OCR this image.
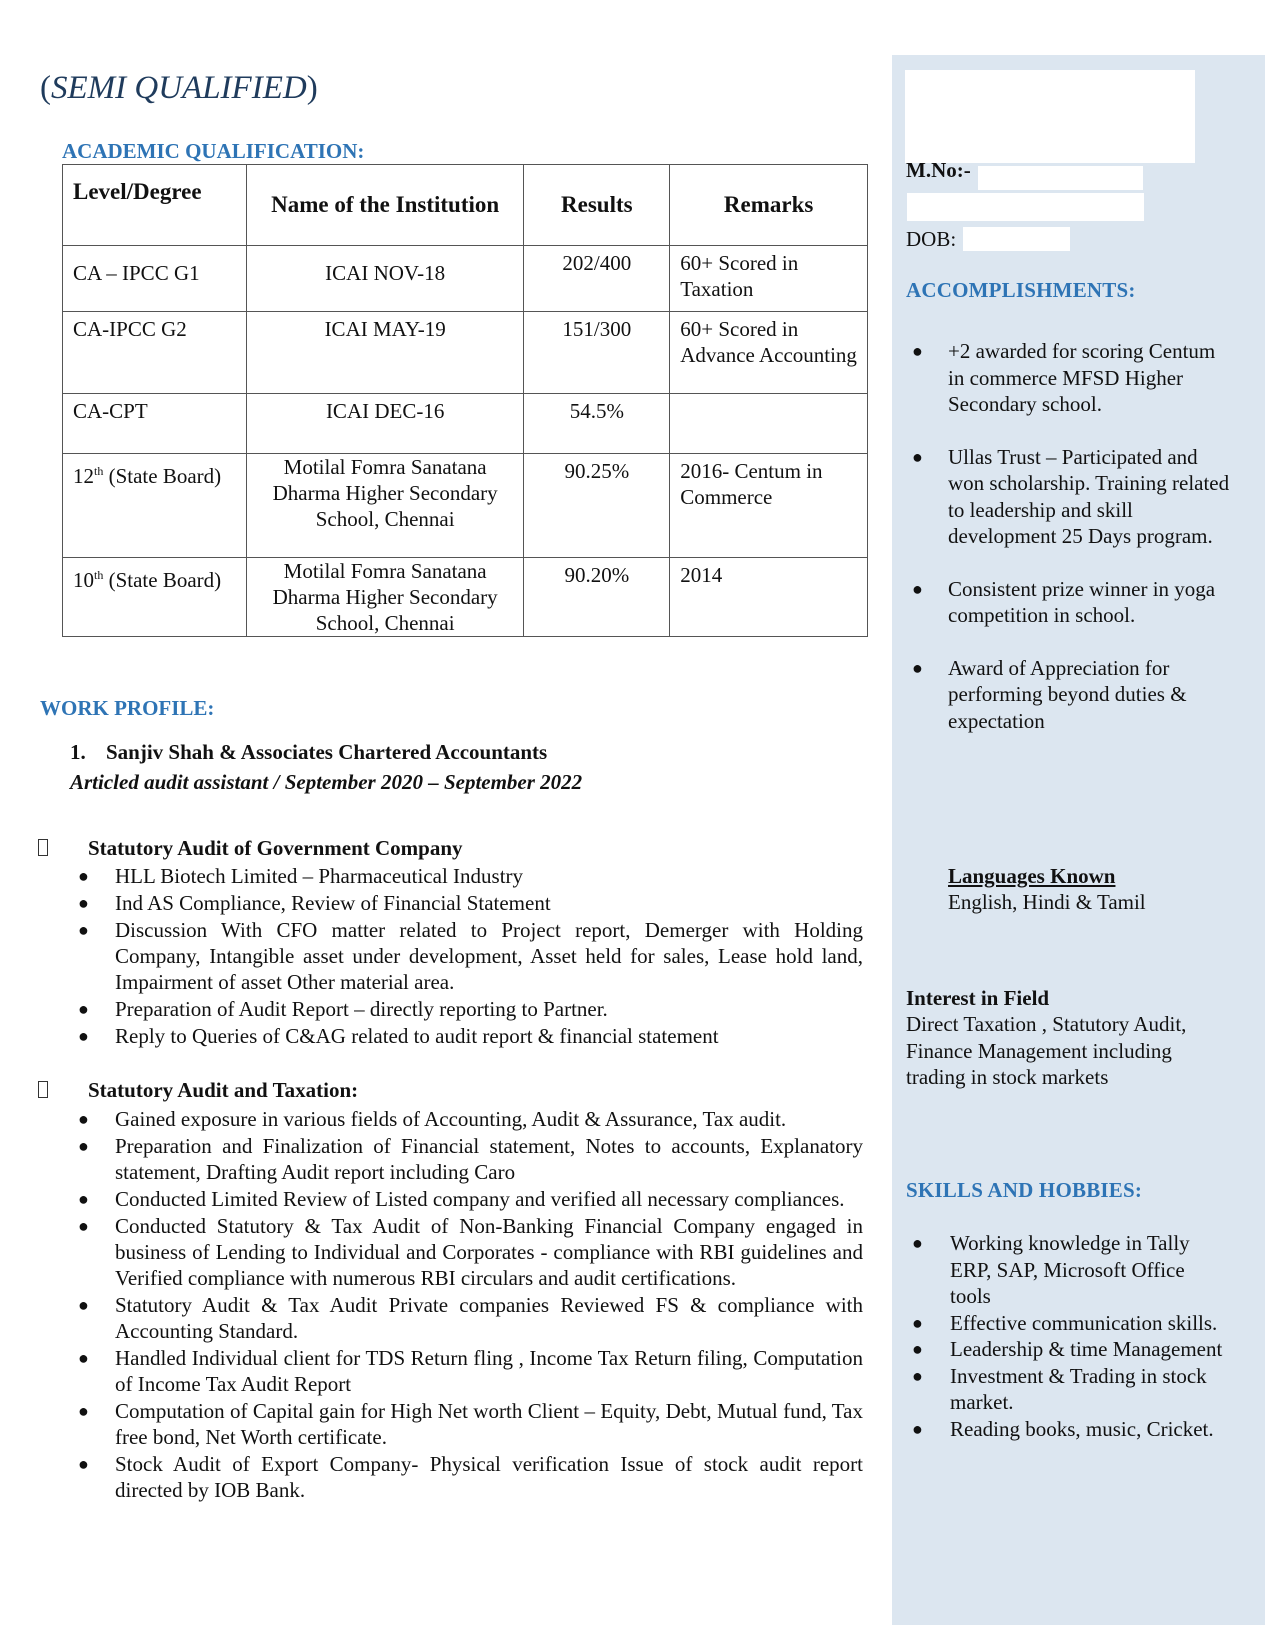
M.No:-
DOB:
ACCOMPLISHMENTS:
● +2 awarded for scoring Centum in commerce MFSD Higher Secondary school.
● Ullas Trust – Participated and won scholarship. Training related to leadership and skill development 25 Days program.
● Consistent prize winner in yoga competition in school.
● Award of Appreciation for performing beyond duties & expectation
Languages Known
English, Hindi & Tamil
Interest in Field
Direct Taxation , Statutory Audit, Finance Management including trading in stock markets
SKILLS AND HOBBIES:
● Working knowledge in Tally ERP, SAP, Microsoft Office tools
● Effective communication skills.
● Leadership & time Management
● Investment & Trading in stock market.
● Reading books, music, Cricket.
(SEMI QUALIFIED)
ACADEMIC QUALIFICATION:
Level/Degree	Name of the Institution	Results	Remarks
CA – IPCC G1	ICAI NOV-18	202/400	60+ Scored in Taxation
CA-IPCC G2	ICAI MAY-19	151/300	60+ Scored in Advance Accounting
CA-CPT	ICAI DEC-16	54.5%	
12th (State Board)	Motilal Fomra Sanatana Dharma Higher Secondary School, Chennai	90.25%	2016- Centum in Commerce
10th (State Board)	Motilal Fomra Sanatana Dharma Higher Secondary School, Chennai	90.20%	2014
WORK PROFILE:
1. Sanjiv Shah & Associates Chartered Accountants
Articled audit assistant / September 2020 – September 2022
Statutory Audit of Government Company
● HLL Biotech Limited – Pharmaceutical Industry
● Ind AS Compliance, Review of Financial Statement
● Discussion With CFO matter related to Project report, Demerger with Holding Company, Intangible asset under development, Asset held for sales, Lease hold land, Impairment of asset Other material area.
● Preparation of Audit Report – directly reporting to Partner.
● Reply to Queries of C&AG related to audit report & financial statement
Statutory Audit and Taxation:
● Gained exposure in various fields of Accounting, Audit & Assurance, Tax audit.
● Preparation and Finalization of Financial statement, Notes to accounts, Explanatory statement, Drafting Audit report including Caro
● Conducted Limited Review of Listed company and verified all necessary compliances.
● Conducted Statutory & Tax Audit of Non-Banking Financial Company engaged in business of Lending to Individual and Corporates - compliance with RBI guidelines and Verified compliance with numerous RBI circulars and audit certifications.
● Statutory Audit & Tax Audit Private companies Reviewed FS & compliance with Accounting Standard.
● Handled Individual client for TDS Return fling , Income Tax Return filing, Computation of Income Tax Audit Report
● Computation of Capital gain for High Net worth Client – Equity, Debt, Mutual fund, Tax free bond, Net Worth certificate.
● Stock Audit of Export Company- Physical verification Issue of stock audit report directed by IOB Bank.
